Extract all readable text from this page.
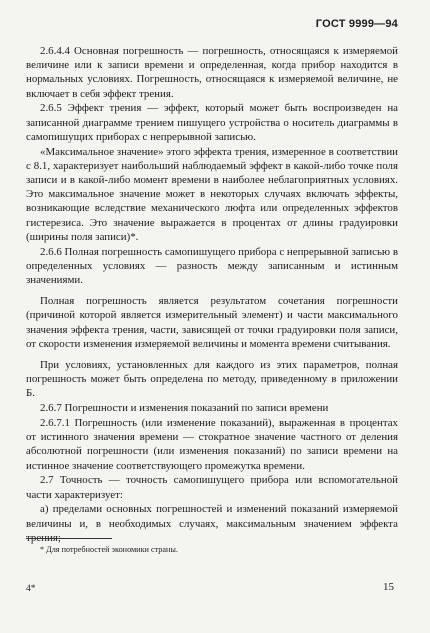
ГОСТ 9999—94

2.6.4.4 Основная погрешность — погрешность, относящаяся к измеряемой величине или к записи времени и определенная, когда прибор находится в нормальных условиях. Погрешность, относящаяся к измеряемой величине, не включает в себя эффект трения.

2.6.5 Эффект трения — эффект, который может быть воспроизведен на записанной диаграмме трением пишущего устройства о носитель диаграммы в самопишущих приборах с непрерывной записью.

«Максимальное значение» этого эффекта трения, измеренное в соответствии с 8.1, характеризует наибольший наблюдаемый эффект в какой-либо точке поля записи и в какой-либо момент времени в наиболее неблагоприятных условиях. Это максимальное значение может в некоторых случаях включать эффекты, возникающие вследствие механического люфта или определенных эффектов гистерезиса. Это значение выражается в процентах от длины градуировки (ширины поля записи)*.

2.6.6 Полная погрешность самопишущего прибора с непрерывной записью в определенных условиях — разность между записанным и истинным значениями.

Полная погрешность является результатом сочетания погрешности (причиной которой является измерительный элемент) и части максимального значения эффекта трения, части, зависящей от точки градуировки поля записи, от скорости изменения измеряемой величины и момента времени считывания.

При условиях, установленных для каждого из этих параметров, полная погрешность может быть определена по методу, приведенному в приложении Б.

2.6.7 Погрешности и изменения показаний по записи времени

2.6.7.1 Погрешность (или изменение показаний), выраженная в процентах от истинного значения времени — стократное значение частного от деления абсолютной погрешности (или изменения показаний) по записи времени на истинное значение соответствующего промежутка времени.

2.7 Точность — точность самопишущего прибора или вспомогательной части характеризует:

а) пределами основных погрешностей и изменений показаний измеряемой величины и, в необходимых случаях, максимальным значением эффекта трения;

* Для потребностей экономики страны.
4*	15
